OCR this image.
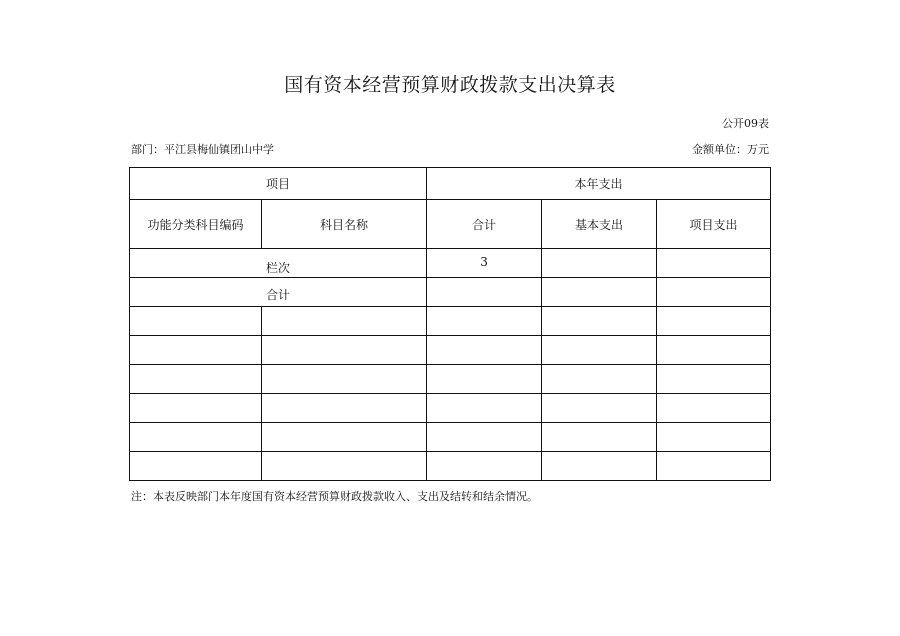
国有资本经营预算财政拨款支出决算表
公开09表
部门：平江县梅仙镇团山中学	金额单位：万元
项目		本年支出		
功能分类科目编码	科目名称	合计	基本支出	项目支出
栏次		3		
合计				

注：本表反映部门本年度国有资本经营预算财政拨款收入、支出及结转和结余情况。
